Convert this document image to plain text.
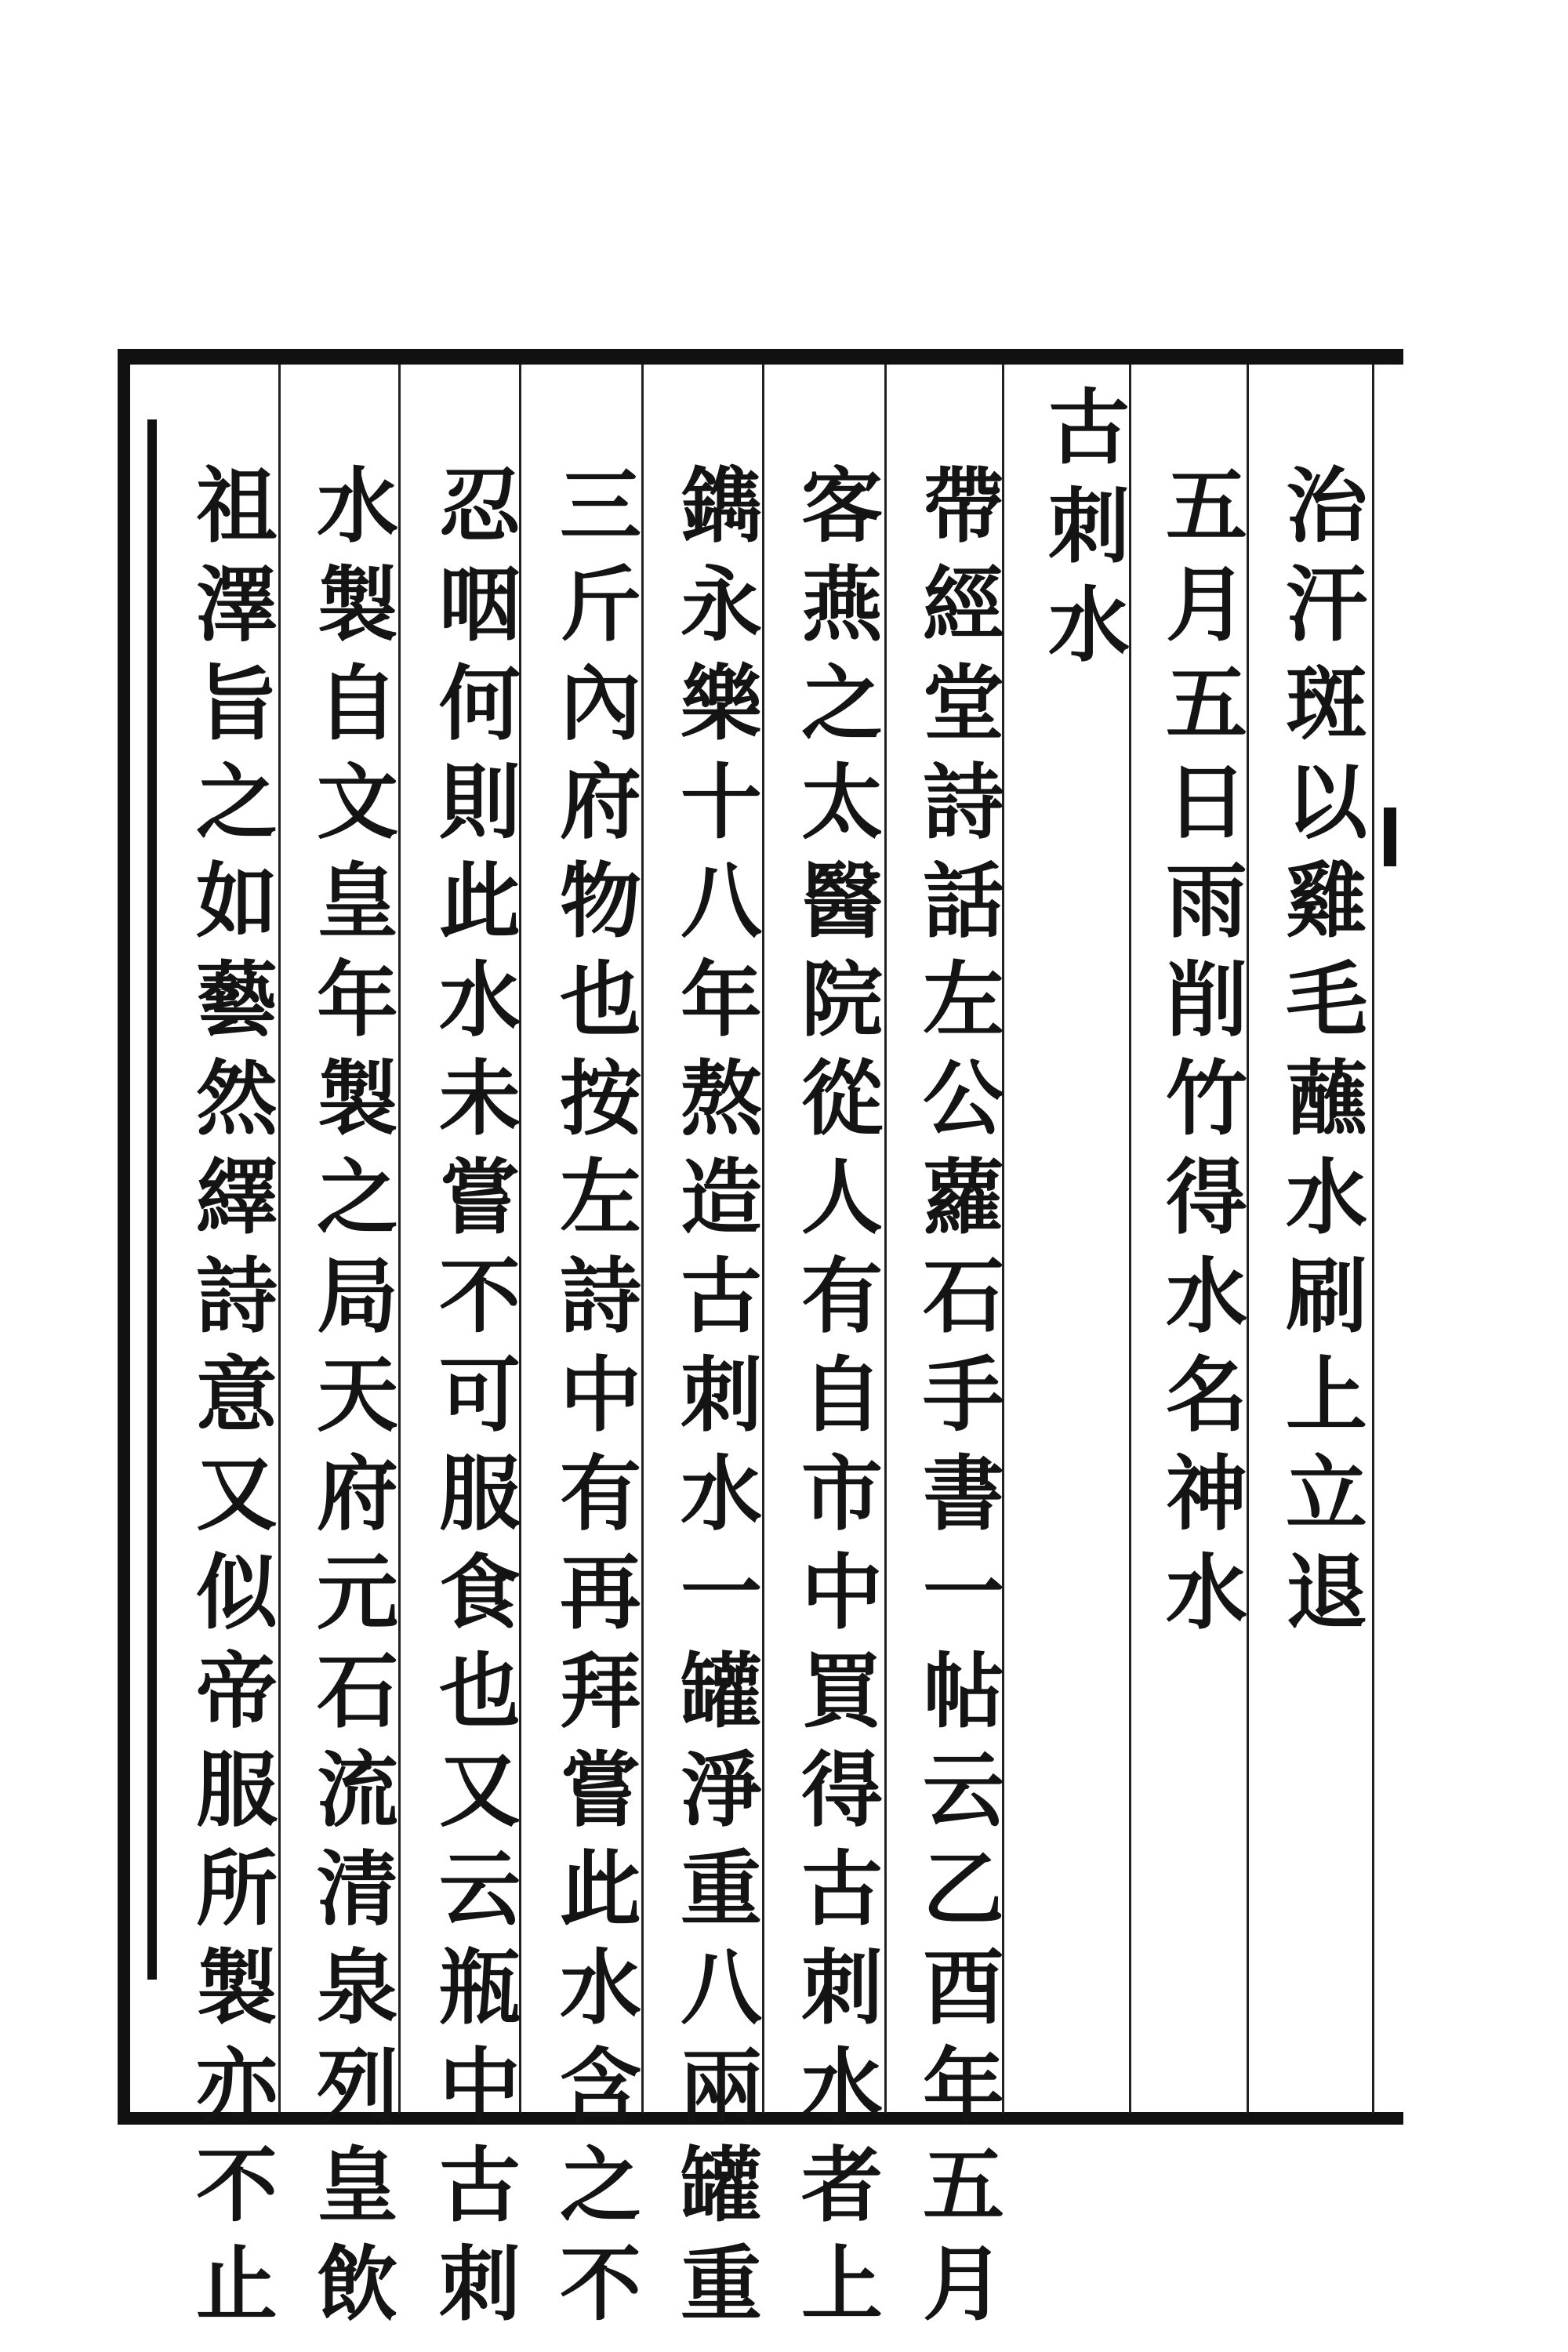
治汗斑以雞毛蘸水刷上立退
五月五日雨削竹得水名神水
古刺水
帶經堂詩話左公蘿石手書一帖云乙酉年五月
客燕之太醫院從人有自市中買得古刺水者上
鐫永樂十八年熬造古刺水一罐淨重八兩罐重
三斤內府物也按左詩中有再拜嘗此水含之不
忍咽何則此水未嘗不可服食也又云瓶中古刺
水製自文皇年製之局天府元石流清泉列皇飲
祖澤旨之如藝然繹詩意又似帝服所製亦不止
